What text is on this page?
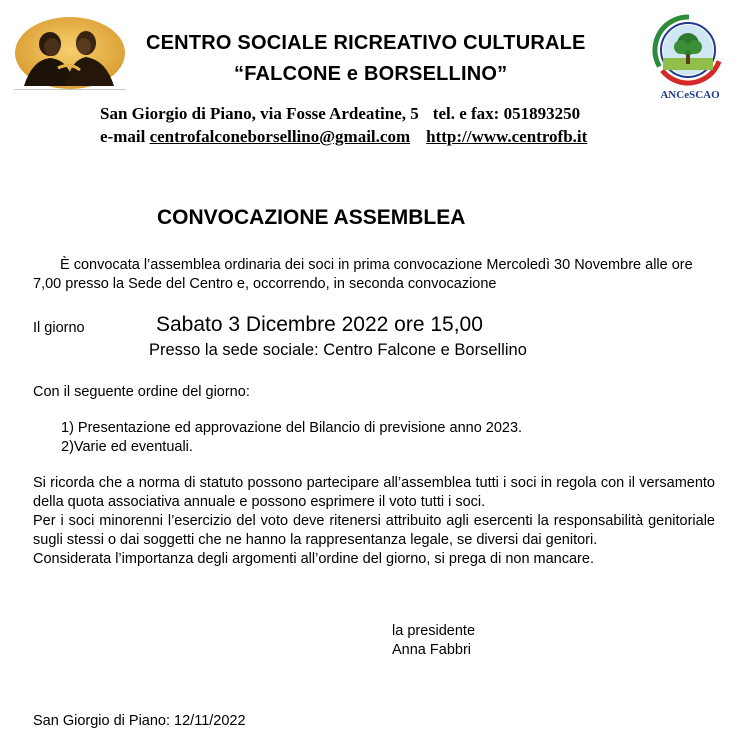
CENTRO SOCIALE RICREATIVO CULTURALE
“FALCONE e BORSELLINO”
ANCeSCAO
San Giorgio di Piano, via Fosse Ardeatine, 5 tel. e fax: 051893250
e-mail centrofalconeborsellino@gmail.com http://www.centrofb.it
CONVOCAZIONE ASSEMBLEA
È convocata l’assemblea ordinaria dei soci in prima convocazione Mercoledì 30 Novembre alle ore 7,00 presso la Sede del Centro e, occorrendo, in seconda convocazione
Il giorno	Sabato 3 Dicembre 2022 ore 15,00
Presso la sede sociale: Centro Falcone e Borsellino
Con il seguente ordine del giorno:
1) Presentazione ed approvazione del Bilancio di previsione anno 2023.
2)Varie ed eventuali.
Si ricorda che a norma di statuto possono partecipare all’assemblea tutti i soci in regola con il versamento della quota associativa annuale e possono esprimere il voto tutti i soci.
Per i soci minorenni l’esercizio del voto deve ritenersi attribuito agli esercenti la responsabilità genitoriale sugli stessi o dai soggetti che ne hanno la rappresentanza legale, se diversi dai genitori.
Considerata l’importanza degli argomenti all’ordine del giorno, si prega di non mancare.
la presidente
Anna Fabbri
San Giorgio di Piano: 12/11/2022
